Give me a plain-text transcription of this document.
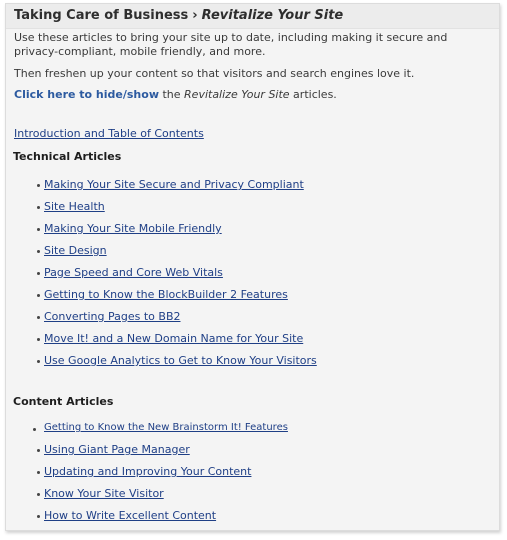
Taking Care of Business › Revitalize Your Site
Use these articles to bring your site up to date, including making it secure and privacy-compliant, mobile friendly, and more.
Then freshen up your content so that visitors and search engines love it.
Click here to hide/show the Revitalize Your Site articles.
Introduction and Table of Contents
Technical Articles
Making Your Site Secure and Privacy Compliant
Site Health
Making Your Site Mobile Friendly
Site Design
Page Speed and Core Web Vitals
Getting to Know the BlockBuilder 2 Features
Converting Pages to BB2
Move It! and a New Domain Name for Your Site
Use Google Analytics to Get to Know Your Visitors
Content Articles
Getting to Know the New Brainstorm It! Features
Using Giant Page Manager
Updating and Improving Your Content
Know Your Site Visitor
How to Write Excellent Content
